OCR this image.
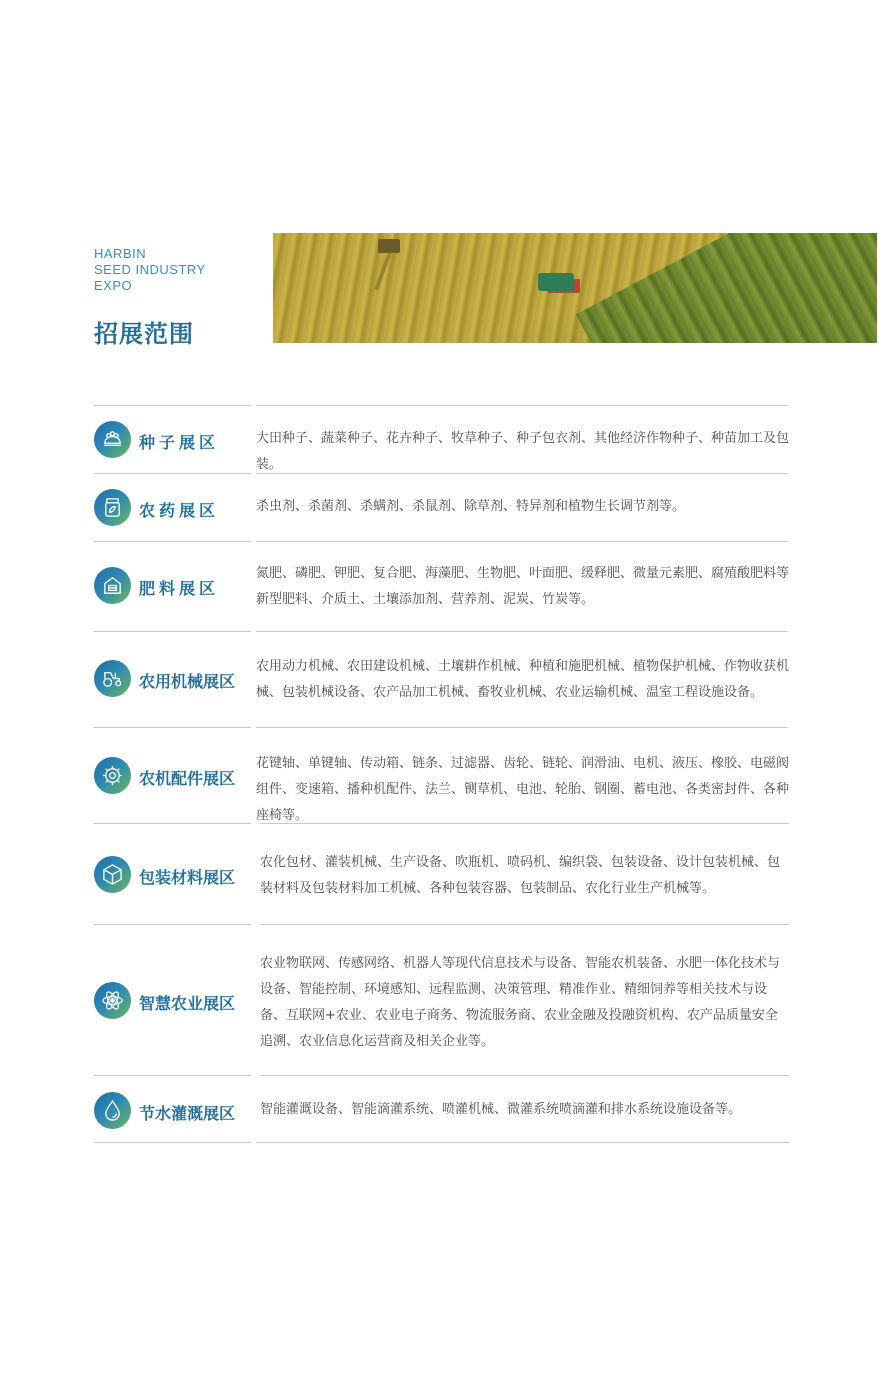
HARBIN
SEED INDUSTRY
EXPO
招展范围
种子展区	大田种子、蔬菜种子、花卉种子、牧草种子、种子包衣剂、其他经济作物种子、种苗加工及包装。
农药展区	杀虫剂、杀菌剂、杀螨剂、杀鼠剂、除草剂、特异剂和植物生长调节剂等。
肥料展区
氮肥、磷肥、钾肥、复合肥、海藻肥、生物肥、叶面肥、缓释肥、微量元素肥、腐殖酸肥料等新型肥料、介质土、土壤添加剂、营养剂、泥炭、竹炭等。
农用机械展区
农用动力机械、农田建设机械、土壤耕作机械、种植和施肥机械、植物保护机械、作物收获机械、包装机械设备、农产品加工机械、畜牧业机械、农业运输机械、温室工程设施设备。
农机配件展区
花键轴、单键轴、传动箱、链条、过滤器、齿轮、链轮、润滑油、电机、液压、橡胶、电磁阀组件、变速箱、播种机配件、法兰、铡草机、电池、轮胎、钢圈、蓄电池、各类密封件、各种座椅等。
包装材料展区
农化包材、灌装机械、生产设备、吹瓶机、喷码机、编织袋、包装设备、设计包装机械、包装材料及包装材料加工机械、各种包装容器、包装制品、农化行业生产机械等。
智慧农业展区
农业物联网、传感网络、机器人等现代信息技术与设备、智能农机装备、水肥一体化技术与设备、智能控制、环境感知、远程监测、决策管理、精准作业、精细饲养等相关技术与设备、互联网+农业、农业电子商务、物流服务商、农业金融及投融资机构、农产品质量安全追溯、农业信息化运营商及相关企业等。
节水灌溉展区 智能灌溉设备、智能滴灌系统、喷灌机械、微灌系统喷滴灌和排水系统设施设备等。
